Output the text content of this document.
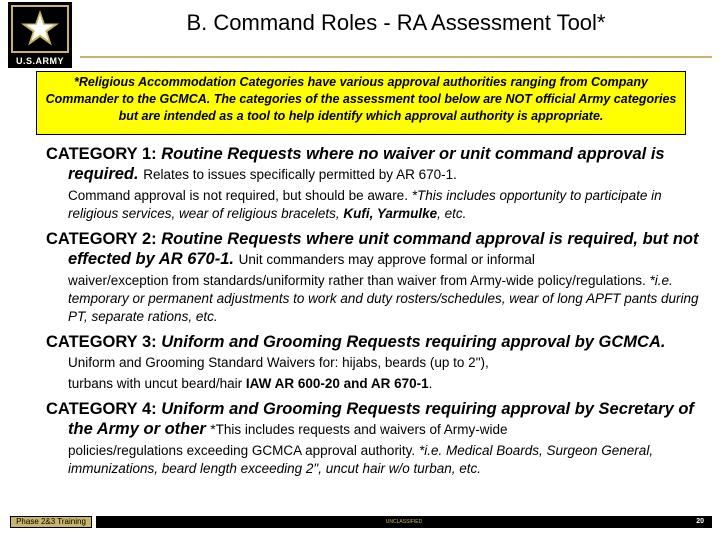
U.S.ARMY
B. Command Roles - RA Assessment Tool*
*Religious Accommodation Categories have various approval authorities ranging from Company Commander to the GCMCA. The categories of the assessment tool below are NOT official Army categories but are intended as a tool to help identify which approval authority is appropriate.
CATEGORY 1: Routine Requests where no waiver or unit command approval is required. Relates to issues specifically permitted by AR 670-1.
Command approval is not required, but should be aware. *This includes opportunity to participate in religious services, wear of religious bracelets, Kufi, Yarmulke, etc.
CATEGORY 2: Routine Requests where unit command approval is required, but not effected by AR 670-1. Unit commanders may approve formal or informal
waiver/exception from standards/uniformity rather than waiver from Army-wide policy/regulations. *i.e. temporary or permanent adjustments to work and duty rosters/schedules, wear of long APFT pants during PT, separate rations, etc.
CATEGORY 3: Uniform and Grooming Requests requiring approval by GCMCA. Uniform and Grooming Standard Waivers for: hijabs, beards (up to 2"),
turbans with uncut beard/hair IAW AR 600-20 and AR 670-1.
CATEGORY 4: Uniform and Grooming Requests requiring approval by Secretary of the Army or other *This includes requests and waivers of Army-wide
policies/regulations exceeding GCMCA approval authority. *i.e. Medical Boards, Surgeon General, immunizations, beard length exceeding 2", uncut hair w/o turban, etc.
Phase 2&3 Training	UNCLASSIFIED	20
